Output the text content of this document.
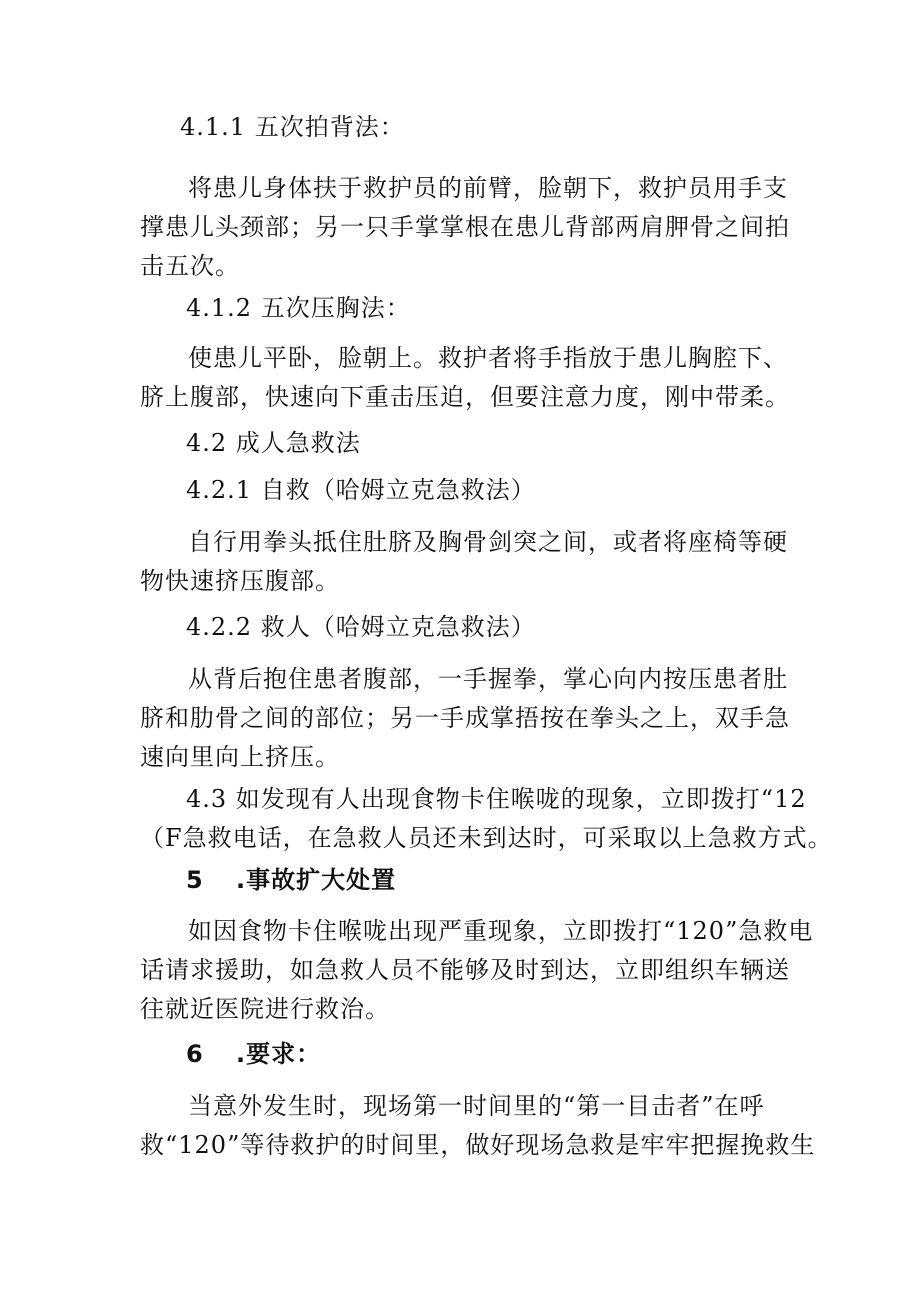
4.1.1 五次拍背法：
将患儿身体扶于救护员的前臂，脸朝下，救护员用手支
撑患儿头颈部；另一只手掌掌根在患儿背部两肩胛骨之间拍
击五次。
4.1.2 五次压胸法：
使患儿平卧，脸朝上。救护者将手指放于患儿胸腔下、
脐上腹部，快速向下重击压迫，但要注意力度，刚中带柔。
4.2 成人急救法
4.2.1 自救（哈姆立克急救法）
自行用拳头抵住肚脐及胸骨剑突之间，或者将座椅等硬
物快速挤压腹部。
4.2.2 救人（哈姆立克急救法）
从背后抱住患者腹部，一手握拳，掌心向内按压患者肚
脐和肋骨之间的部位；另一手成掌捂按在拳头之上，双手急
速向里向上挤压。
4.3 如发现有人出现食物卡住喉咙的现象，立即拨打“12
（F急救电话，在急救人员还未到达时，可采取以上急救方式。
5 .事故扩大处置
如因食物卡住喉咙出现严重现象，立即拨打“120”急救电
话请求援助，如急救人员不能够及时到达，立即组织车辆送
往就近医院进行救治。
6 .要求：
当意外发生时，现场第一时间里的“第一目击者”在呼
救“120”等待救护的时间里，做好现场急救是牢牢把握挽救生
